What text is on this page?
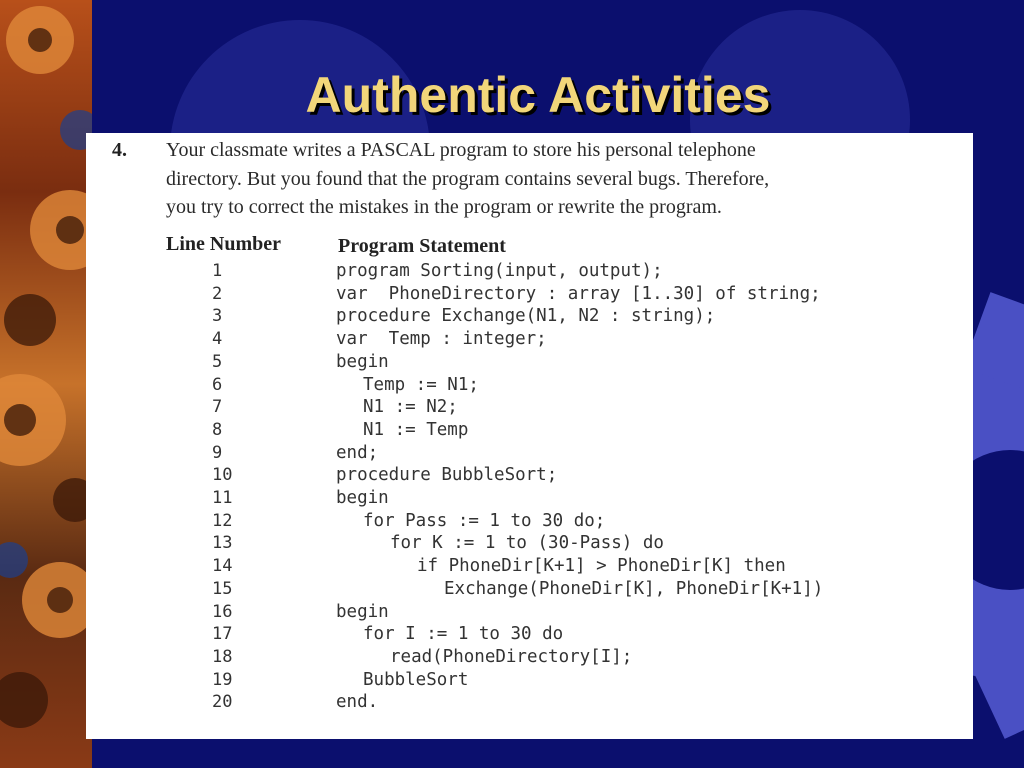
Authentic Activities
4. Your classmate writes a PASCAL program to store his personal telephone
directory. But you found that the program contains several bugs. Therefore,
you try to correct the mistakes in the program or rewrite the program.
Line Number	Program Statement
1	program Sorting(input, output);
2	var  PhoneDirectory : array [1..30] of string;
3	procedure Exchange(N1, N2 : string);
4	var  Temp : integer;
5	begin
6	Temp := N1;
7	N1 := N2;
8	N1 := Temp
9	end;
10	procedure BubbleSort;
11	begin
12	for Pass := 1 to 30 do;
13	for K := 1 to (30-Pass) do
14	if PhoneDir[K+1] > PhoneDir[K] then
15	Exchange(PhoneDir[K], PhoneDir[K+1])
16	begin
17	for I := 1 to 30 do
18	read(PhoneDirectory[I];
19	BubbleSort
20	end.
